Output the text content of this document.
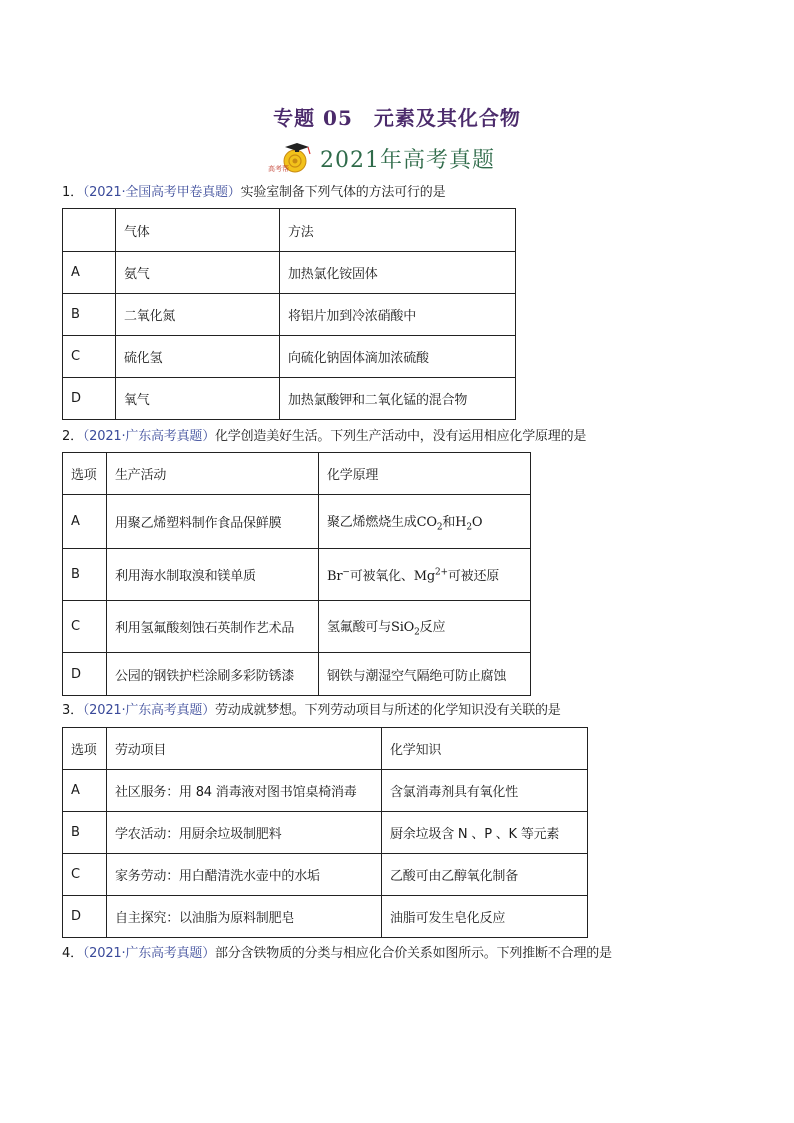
专题 05　元素及其化合物
高考帮 2021年高考真题
1．（2021·全国高考甲卷真题）实验室制备下列气体的方法可行的是
	气体	方法
A	氨气	加热氯化铵固体
B	二氧化氮	将铝片加到冷浓硝酸中
C	硫化氢	向硫化钠固体滴加浓硫酸
D	氧气	加热氯酸钾和二氧化锰的混合物
2．（2021·广东高考真题）化学创造美好生活。下列生产活动中，没有运用相应化学原理的是
选项	生产活动	化学原理
A	用聚乙烯塑料制作食品保鲜膜	聚乙烯燃烧生成$CO_2$和$H_2O$
B	利用海水制取溴和镁单质	Br−可被氧化、$Mg^{2+}$可被还原
C	利用氢氟酸刻蚀石英制作艺术品	氢氟酸可与SiO$_2$反应
D	公园的钢铁护栏涂刷多彩防锈漆	钢铁与潮湿空气隔绝可防止腐蚀
3．（2021·广东高考真题）劳动成就梦想。下列劳动项目与所述的化学知识没有关联的是
选项	劳动项目	化学知识
A	社区服务：用 84 消毒液对图书馆桌椅消毒	含氯消毒剂具有氧化性
B	学农活动：用厨余垃圾制肥料	厨余垃圾含 N 、P 、K 等元素
C	家务劳动：用白醋清洗水壶中的水垢	乙酸可由乙醇氧化制备
D	自主探究：以油脂为原料制肥皂	油脂可发生皂化反应
4．（2021·广东高考真题）部分含铁物质的分类与相应化合价关系如图所示。下列推断不合理的是
